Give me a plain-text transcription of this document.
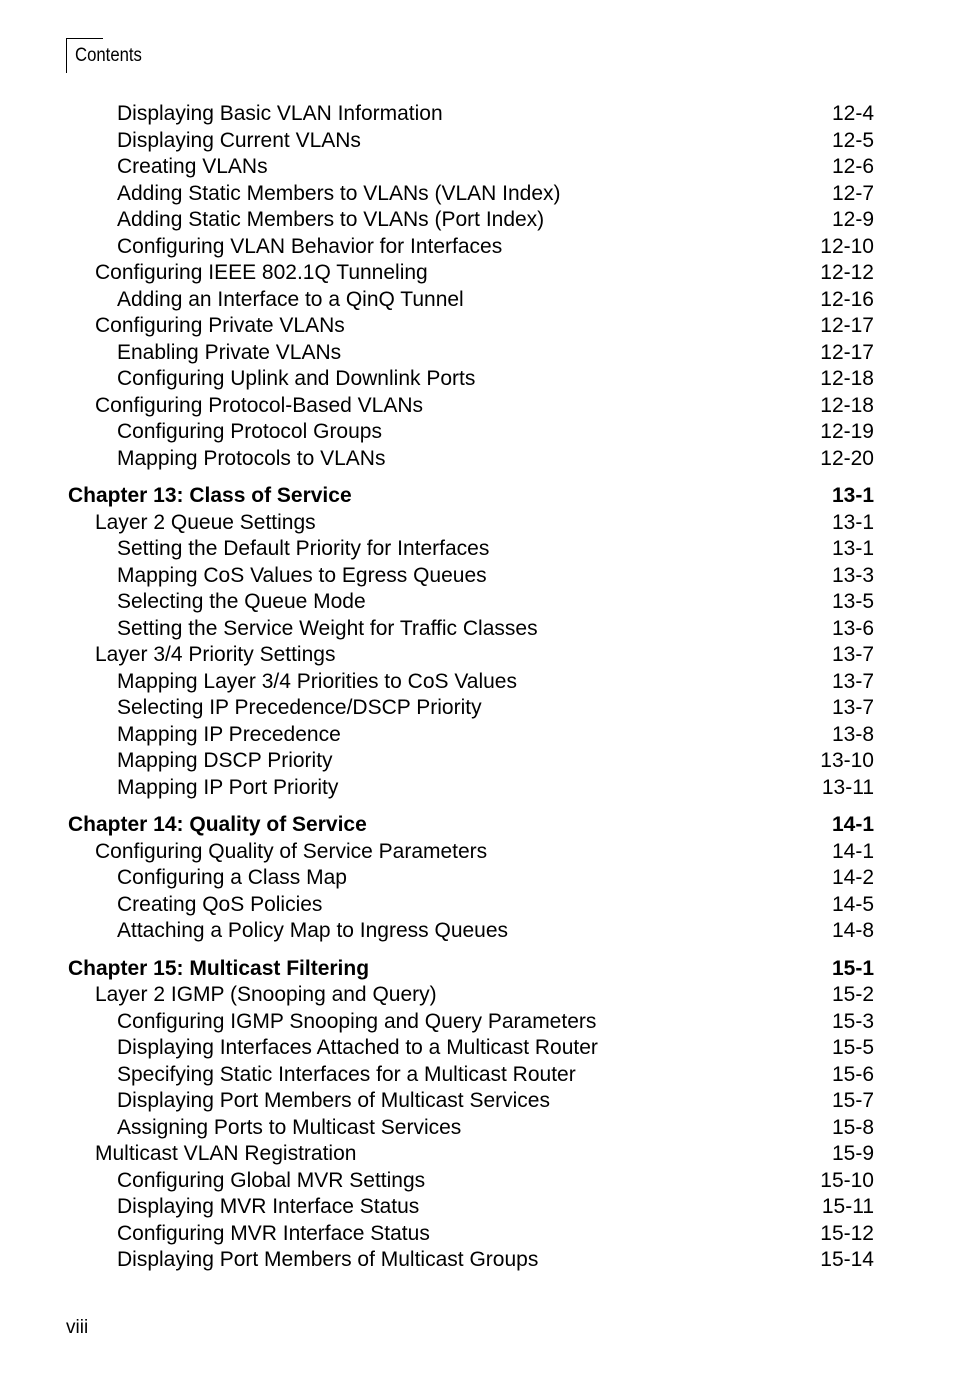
Contents
Displaying Basic VLAN Information	12-4
Displaying Current VLANs	12-5
Creating VLANs	12-6
Adding Static Members to VLANs (VLAN Index)	12-7
Adding Static Members to VLANs (Port Index)	12-9
Configuring VLAN Behavior for Interfaces	12-10
Configuring IEEE 802.1Q Tunneling	12-12
Adding an Interface to a QinQ Tunnel	12-16
Configuring Private VLANs	12-17
Enabling Private VLANs	12-17
Configuring Uplink and Downlink Ports	12-18
Configuring Protocol-Based VLANs	12-18
Configuring Protocol Groups	12-19
Mapping Protocols to VLANs	12-20
Chapter 13: Class of Service	13-1
Layer 2 Queue Settings	13-1
Setting the Default Priority for Interfaces	13-1
Mapping CoS Values to Egress Queues	13-3
Selecting the Queue Mode	13-5
Setting the Service Weight for Traffic Classes	13-6
Layer 3/4 Priority Settings	13-7
Mapping Layer 3/4 Priorities to CoS Values	13-7
Selecting IP Precedence/DSCP Priority	13-7
Mapping IP Precedence	13-8
Mapping DSCP Priority	13-10
Mapping IP Port Priority	13-11
Chapter 14: Quality of Service	14-1
Configuring Quality of Service Parameters	14-1
Configuring a Class Map	14-2
Creating QoS Policies	14-5
Attaching a Policy Map to Ingress Queues	14-8
Chapter 15: Multicast Filtering	15-1
Layer 2 IGMP (Snooping and Query)	15-2
Configuring IGMP Snooping and Query Parameters	15-3
Displaying Interfaces Attached to a Multicast Router	15-5
Specifying Static Interfaces for a Multicast Router	15-6
Displaying Port Members of Multicast Services	15-7
Assigning Ports to Multicast Services	15-8
Multicast VLAN Registration	15-9
Configuring Global MVR Settings	15-10
Displaying MVR Interface Status	15-11
Configuring MVR Interface Status	15-12
Displaying Port Members of Multicast Groups	15-14
viii
